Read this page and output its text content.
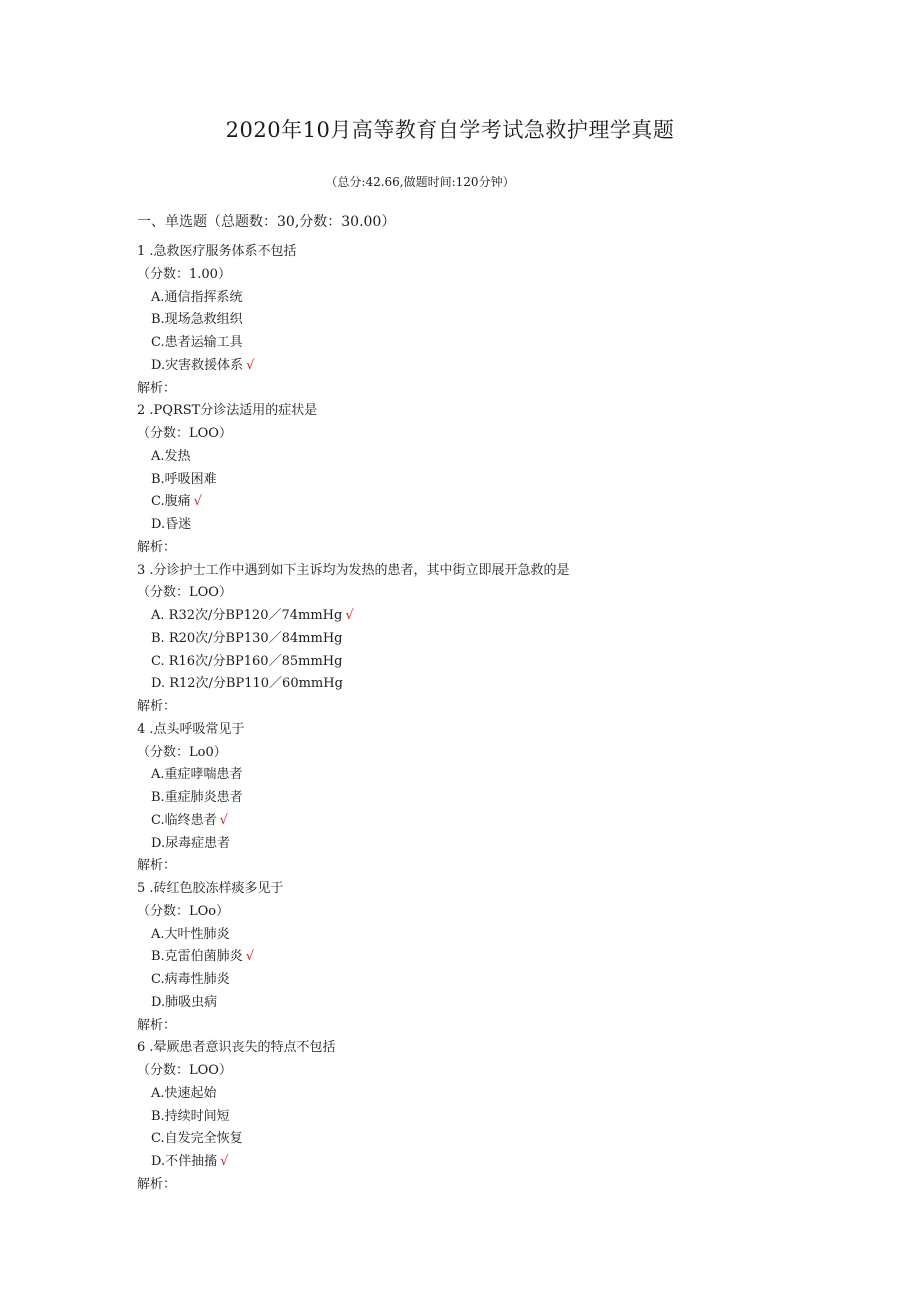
2020年10月高等教育自学考试急救护理学真题
（总分:42.66,做题时间:120分钟）
一、单选题（总题数：30,分数：30.00）
1 .急救医疗服务体系不包括
（分数：1.00）
A.通信指挥系统
B.现场急救组织
C.患者运输工具
D.灾害救援体系 √
解析：
2 .PQRST分诊法适用的症状是
（分数：LOO）
A.发热
B.呼吸困难
C.腹痛 √
D.昏迷
解析：
3 .分诊护士工作中遇到如下主诉均为发热的患者，其中街立即展开急救的是
（分数：LOO）
A. R32次/分BP120／74mmHg √
B. R20次/分BP130／84mmHg
C. R16次/分BP160／85mmHg
D. R12次/分BP110／60mmHg
解析：
4 .点头呼吸常见于
（分数：Lo0）
A.重症哮喘患者
B.重症肺炎患者
C.临终患者 √
D.尿毒症患者
解析：
5 .砖红色胶冻样痰多见于
（分数：LOo）
A.大叶性肺炎
B.克雷伯菌肺炎 √
C.病毒性肺炎
D.肺吸虫病
解析：
6 .晕厥患者意识丧失的特点不包括
（分数：LOO）
A.快速起始
B.持续时间短
C.自发完全恢复
D.不伴抽搐 √
解析：
